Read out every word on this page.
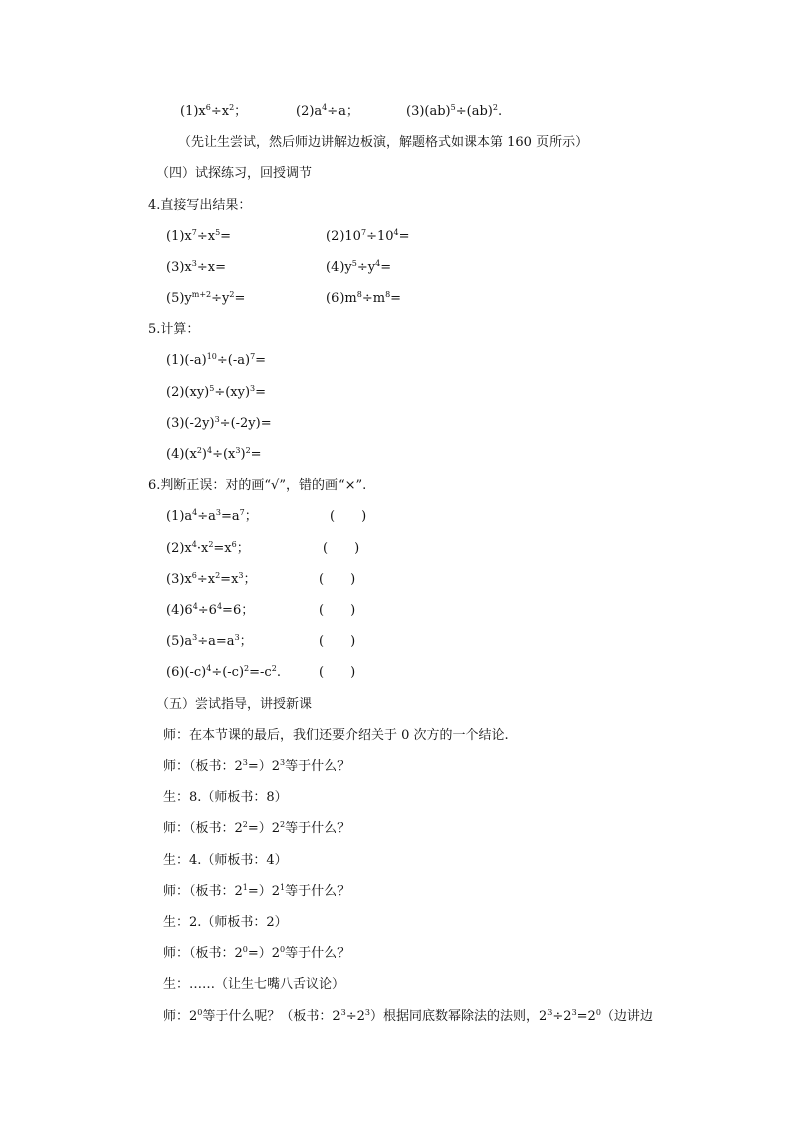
$(1)x^6\div x^2$；	$(2)a^4\div a$；	(3)(ab)$^5$÷(ab)$^2$.
（先让生尝试，然后师边讲解边板演，解题格式如课本第 160 页所示）
（四）试探练习，回授调节
4.直接写出结果：
$(1)x^7\div x^5=$	$(2)10^7\div 10^4=$
$(3)x^3\div x=$	$(4)y^5\div y^4=$
$(5)y^{m+2}\div y^2=$	$(6)m^8\div m^8=$
5.计算：
$(1)(-a)^{10}\div(-a)^7=$
(2)(xy)$^5$÷(xy)$^3$=
$(3)(-2y)^3\div(-2y)=$
$(4)(x^2)^4\div(x^3)^2=$
6.判断正误：对的画“√”，错的画“×”.
$(1)a^4\div a^3=a^7$；	(　　)
$(2)x^4\cdot x^2=x^6$；	(　　)
$(3)x^6\div x^2=x^3$；	(　　)
$(4)6^4\div 6^4=6$；	(　　)
$(5)a^3\div a=a^3$；	(　　)
$(6)(-c)^4\div(-c)^2=-c^2$.	(　　)
（五）尝试指导，讲授新课
师：在本节课的最后，我们还要介绍关于 0 次方的一个结论.
师：（板书：$2^3=)2^3$等于什么？
生：8.（师板书：8）
师：（板书：$2^2=)2^2$等于什么？
生：4.（师板书：4）
师：（板书：$2^1=)2^1$等于什么？
生：2.（师板书：2）
师：（板书：$2^0=)2^0$等于什么？
生：……（让生七嘴八舌议论）
师：$2^0$等于什么呢？（板书：$2^3\div 2^3$）根据同底数幂除法的法则，$2^3\div 2^3=2^0$（边讲边
